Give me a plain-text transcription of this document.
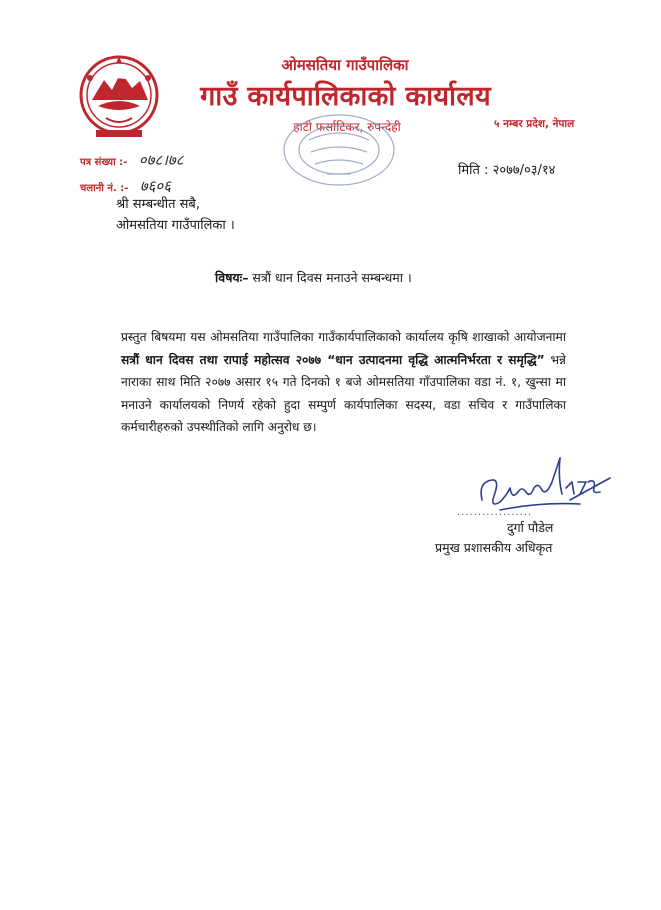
ओमसतिया गाउँपालिका
गाउँ कार्यपालिकाको कार्यालय
हाटी फर्साटिकर, रुपन्देही	५ नम्बर प्रदेश, नेपाल
पत्र संख्या :- ०७८।७८
चलानी नं. :- ७६०६
मिति : २०७७/०३/१४
श्री सम्बन्धीत सबै,
ओमसतिया गाउँपालिका ।
विषयः– सत्रौं धान दिवस मनाउने सम्बन्धमा ।
प्रस्तुत बिषयमा यस ओमसतिया गाउँपालिका गाउँकार्यपालिकाको कार्यालय कृषि शाखाको आयोजनामा सत्रौं धान दिवस तथा रापाई महोत्सव २०७७ “धान उत्पादनमा वृद्धि आत्मनिर्भरता र समृद्धि” भन्ने नाराका साथ मिति २०७७ असार १५ गते दिनको १ बजे ओमसतिया गाँउपालिका वडा नं. १, खुन्सा मा मनाउने कार्यालयको निणर्य रहेको हुदा सम्पुर्ण कार्यपालिका सदस्य, वडा सचिव र गाउँपालिका कर्मचारीहरुको उपस्थीतिको लागि अनुरोध छ।
..................
दुर्गा पौडेल
प्रमुख प्रशासकीय अधिकृत
